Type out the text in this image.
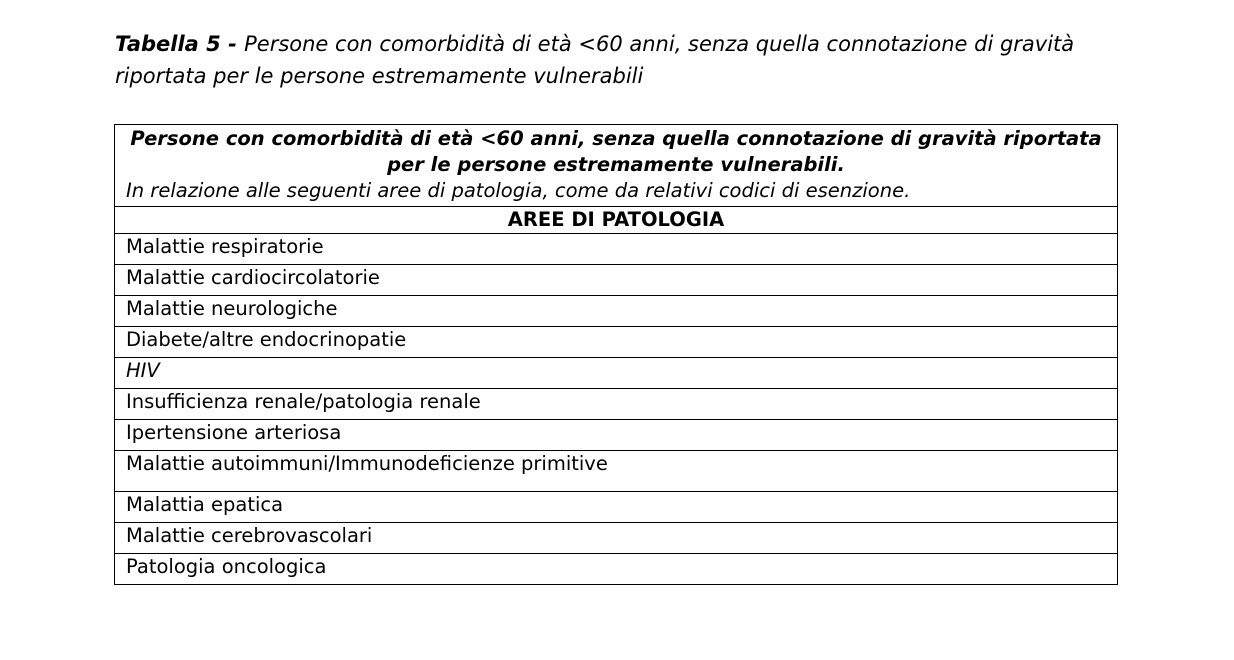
Tabella 5 - Persone con comorbidità di età <60 anni, senza quella connotazione di gravità riportata per le persone estremamente vulnerabili
Persone con comorbidità di età <60 anni, senza quella connotazione di gravità riportata per le persone estremamente vulnerabili.
In relazione alle seguenti aree di patologia, come da relativi codici di esenzione.

AREE DI PATOLOGIA
Malattie respiratorie
Malattie cardiocircolatorie
Malattie neurologiche
Diabete/altre endocrinopatie
HIV
Insufficienza renale/patologia renale
Ipertensione arteriosa
Malattie autoimmuni/Immunodeficienze primitive
Malattia epatica
Malattie cerebrovascolari
Patologia oncologica
